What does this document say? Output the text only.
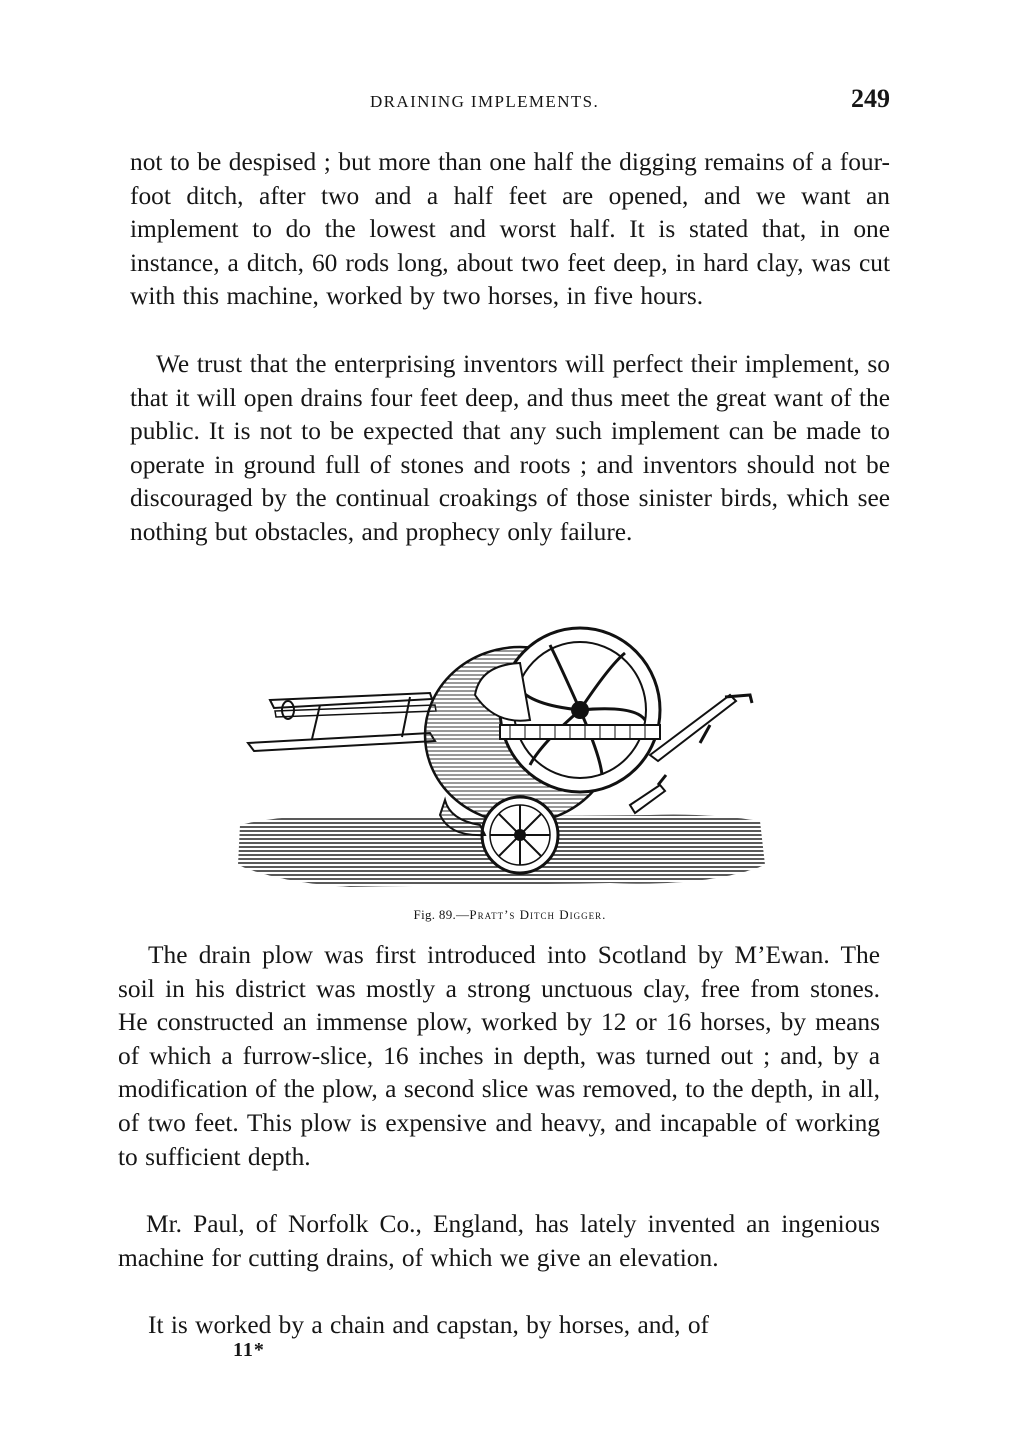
DRAINING IMPLEMENTS.	249

not to be despised ; but more than one half the digging remains of a four-foot ditch, after two and a half feet are opened, and we want an implement to do the lowest and worst half. It is stated that, in one instance, a ditch, 60 rods long, about two feet deep, in hard clay, was cut with this machine, worked by two horses, in five hours.

We trust that the enterprising inventors will perfect their implement, so that it will open drains four feet deep, and thus meet the great want of the public. It is not to be expected that any such implement can be made to operate in ground full of stones and roots ; and inventors should not be discouraged by the continual croakings of those sinister birds, which see nothing but obstacles, and prophecy only failure.

Fig. 89.—Pratt’s Ditch Digger.

The drain plow was first introduced into Scotland by M’Ewan. The soil in his district was mostly a strong unctuous clay, free from stones. He constructed an immense plow, worked by 12 or 16 horses, by means of which a furrow-slice, 16 inches in depth, was turned out ; and, by a modification of the plow, a second slice was removed, to the depth, in all, of two feet. This plow is expensive and heavy, and incapable of working to sufficient depth.

Mr. Paul, of Norfolk Co., England, has lately invented an ingenious machine for cutting drains, of which we give an elevation.

It is worked by a chain and capstan, by horses, and, of

11*
